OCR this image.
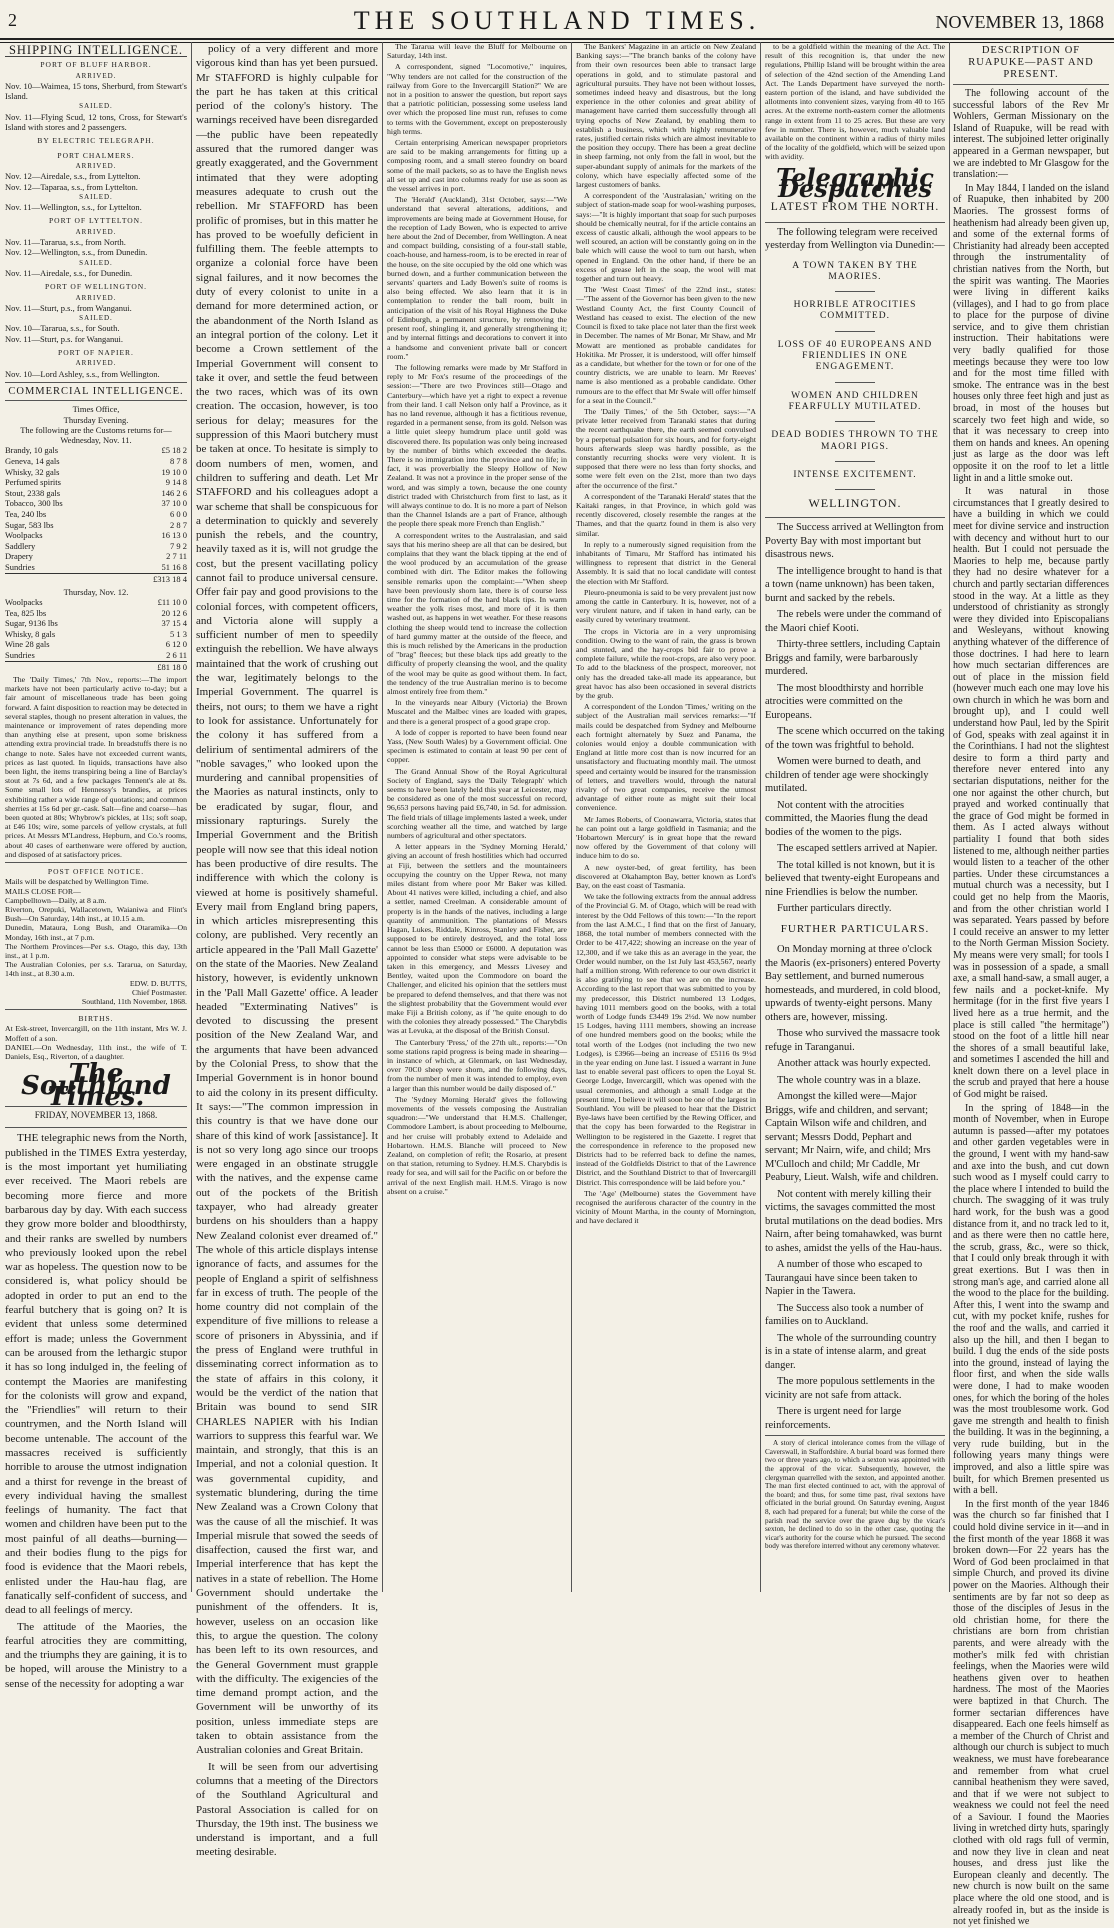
2	THE SOUTHLAND TIMES.	NOVEMBER 13, 1868
SHIPPING INTELLIGENCE.
PORT OF BLUFF HARBOR.
ARRIVED.
Nov. 10—Waimea, 15 tons, Sherburd, from Stewart's Island.
SAILED.
Nov. 11—Flying Scud, 12 tons, Cross, for Stewart's Island with stores and 2 passengers.
BY ELECTRIC TELEGRAPH.
PORT CHALMERS.
ARRIVED.
Nov. 12—Airedale, s.s., from Lyttelton.
Nov. 12—Taparaa, s.s., from Lyttelton.
SAILED.
Nov. 11—Wellington, s.s., for Lyttelton.
PORT OF LYTTELTON.
ARRIVED.
Nov. 11—Tararua, s.s., from North.
Nov. 12—Wellington, s.s., from Dunedin.
SAILED.
Nov. 11—Airedale, s.s., for Dunedin.
PORT OF WELLINGTON.
ARRIVED.
Nov. 11—Sturt, p.s., from Wanganui.
SAILED.
Nov. 10—Tararua, s.s., for South.
Nov. 11—Sturt, p.s. for Wanganui.
PORT OF NAPIER.
ARRIVED.
Nov. 10—Lord Ashley, s.s., from Wellington.
COMMERCIAL INTELLIGENCE.
Times Office,
Thursday Evening.
The following are the Customs returns for—
Wednesday, Nov. 11.
Brandy, 10 gals	£5 18 2
Geneva, 14 gals	8 7 8
Whisky, 32 gals	19 10 0
Perfumed spirits	9 14 8
Stout, 2338 gals	146 2 6
Tobacco, 300 lbs	37 10 0
Tea, 240 lbs	6 0 0
Sugar, 583 lbs	2 8 7
Woolpacks	16 13 0
Saddlery	7 9 2
Drapery	2 7 11
Sundries	51 16 8
£313 18 4
Thursday, Nov. 12.
Woolpacks	£11 10 0
Tea, 825 lbs	20 12 6
Sugar, 9136 lbs	37 15 4
Whisky, 8 gals	5 1 3
Wine 28 gals	6 12 0
Sundries	2 6 11
£81 18 0
The 'Daily Times,' 7th Nov., reports:—The import markets have not been particularly active to-day; but a fair amount of miscellaneous trade has been going forward. A faint disposition to reaction may be detected in several staples, though no present alteration in values, the maintenance or improvement of rates depending more than anything else at present, upon some briskness attending extra provincial trade. In breadstuffs there is no change to note. Sales have not exceeded current wants, prices as last quoted. In liquids, transactions have also been light, the items transpiring being a line of Barclay's stout at 7s 6d, and a few packages Tennent's ale at 8s. Some small lots of Hennessy's brandies, at prices exhibiting rather a wide range of quotations; and common sherries at 15s 6d per gr.-cask. Salt—fine and coarse—has been quoted at 80s; Whybrow's pickles, at 11s; soft soap, at £46 10s; wire, some parcels of yellow crystals, at full prices. At Messrs M'Landress, Hepburn, and Co.'s rooms, about 40 cases of earthenware were offered by auction, and disposed of at satisfactory prices.
POST OFFICE NOTICE.
Mails will be despatched by Wellington Time.
MAILS CLOSE FOR—
Campbelltown—Daily, at 8 a.m.
Riverton, Orepuki, Wallacetown, Waianiwa and Flint's Bush—On Saturday, 14th inst., at 10.15 a.m.
Dunedin, Mataura, Long Bush, and Otaramika—On Monday, 16th inst., at 7 p.m.
The Northern Provinces—Per s.s. Otago, this day, 13th inst., at 1 p.m.
The Australian Colonies, per s.s. Tararua, on Saturday, 14th inst., at 8.30 a.m.
EDW. D. BUTTS,
Chief Postmaster.
Southland, 11th November, 1868.
BIRTHS.
At Esk-street, Invercargill, on the 11th instant, Mrs W. J. Moffett of a son.
DANIEL—On Wednesday, 11th inst., the wife of T. Daniels, Esq., Riverton, of a daughter.
The Southland Times.
FRIDAY, NOVEMBER 13, 1868.

THE telegraphic news from the North, published in the TIMES Extra yesterday, is the most important yet humiliating ever received. The Maori rebels are becoming more fierce and more barbarous day by day. With each success they grow more bolder and bloodthirsty, and their ranks are swelled by numbers who previously looked upon the rebel war as hopeless. The question now to be considered is, what policy should be adopted in order to put an end to the fearful butchery that is going on? It is evident that unless some determined effort is made; unless the Government can be aroused from the lethargic stupor it has so long indulged in, the feeling of contempt the Maories are manifesting for the colonists will grow and expand, the "Friendlies" will return to their countrymen, and the North Island will become untenable. The account of the massacres received is sufficiently horrible to arouse the utmost indignation and a thirst for revenge in the breast of every individual having the smallest feelings of humanity. The fact that women and children have been put to the most painful of all deaths—burning—and their bodies flung to the pigs for food is evidence that the Maori rebels, enlisted under the Hau-hau flag, are fanatically self-confident of success, and dead to all feelings of mercy.

The attitude of the Maories, the fearful atrocities they are committing, and the triumphs they are gaining, it is to be hoped, will arouse the Ministry to a sense of the necessity for adopting a war

policy of a very different and more vigorous kind than has yet been pursued. Mr STAFFORD is highly culpable for the part he has taken at this critical period of the colony's history. The warnings received have been disregarded—the public have been repeatedly assured that the rumored danger was greatly exaggerated, and the Government intimated that they were adopting measures adequate to crush out the rebellion. Mr STAFFORD has been prolific of promises, but in this matter he has proved to be woefully deficient in fulfilling them. The feeble attempts to organize a colonial force have been signal failures, and it now becomes the duty of every colonist to unite in a demand for more determined action, or the abandonment of the North Island as an integral portion of the colony. Let it become a Crown settlement of the Imperial Government will consent to take it over, and settle the feud between the two races, which was of its own creation. The occasion, however, is too serious for delay; measures for the suppression of this Maori butchery must be taken at once. To hesitate is simply to doom numbers of men, women, and children to suffering and death. Let Mr STAFFORD and his colleagues adopt a war scheme that shall be conspicuous for a determination to quickly and severely punish the rebels, and the country, heavily taxed as it is, will not grudge the cost, but the present vacillating policy cannot fail to produce universal censure. Offer fair pay and good provisions to the colonial forces, with competent officers, and Victoria alone will supply a sufficient number of men to speedily extinguish the rebellion. We have always maintained that the work of crushing out the war, legitimately belongs to the Imperial Government. The quarrel is theirs, not ours; to them we have a right to look for assistance. Unfortunately for the colony it has suffered from a delirium of sentimental admirers of the "noble savages," who looked upon the murdering and cannibal propensities of the Maories as natural instincts, only to be eradicated by sugar, flour, and missionary rapturings. Surely the Imperial Government and the British people will now see that this ideal notion has been productive of dire results. The indifference with which the colony is viewed at home is positively shameful. Every mail from England bring papers, in which articles misrepresenting this colony, are published. Very recently an article appeared in the 'Pall Mall Gazette' on the state of the Maories. New Zealand history, however, is evidently unknown in the 'Pall Mall Gazette' office. A leader headed "Exterminating Natives" is devoted to discussing the present position of the New Zealand War, and the arguments that have been advanced by the Colonial Press, to show that the Imperial Government is in honor bound to aid the colony in its present difficulty. It says:—"The common impression in this country is that we have done our share of this kind of work [assistance]. It is not so very long ago since our troops were engaged in an obstinate struggle with the natives, and the expense came out of the pockets of the British taxpayer, who had already greater burdens on his shoulders than a happy New Zealand colonist ever dreamed of." The whole of this article displays intense ignorance of facts, and assumes for the people of England a spirit of selfishness far in excess of truth. The people of the home country did not complain of the expenditure of five millions to release a score of prisoners in Abyssinia, and if the press of England were truthful in disseminating correct information as to the state of affairs in this colony, it would be the verdict of the nation that Britain was bound to send SIR CHARLES NAPIER with his Indian warriors to suppress this fearful war. We maintain, and strongly, that this is an Imperial, and not a colonial question. It was governmental cupidity, and systematic blundering, during the time New Zealand was a Crown Colony that was the cause of all the mischief. It was Imperial misrule that sowed the seeds of disaffection, caused the first war, and Imperial interference that has kept the natives in a state of rebellion. The Home Government should undertake the punishment of the offenders. It is, however, useless on an occasion like this, to argue the question. The colony has been left to its own resources, and the General Government must grapple with the difficulty. The exigencies of the time demand prompt action, and the Government will be unworthy of its position, unless immediate steps are taken to obtain assistance from the Australian colonies and Great Britain.

It will be seen from our advertising columns that a meeting of the Directors of the Southland Agricultural and Pastoral Association is called for on Thursday, the 19th inst. The business we understand is important, and a full meeting desirable.

The Tararua will leave the Bluff for Melbourne on Saturday, 14th inst.

A correspondent, signed "Locomotive," inquires, "Why tenders are not called for the construction of the railway from Gore to the Invercargill Station?" We are not in a position to answer the question, but report says that a patriotic politician, possessing some useless land over which the proposed line must run, refuses to come to terms with the Government, except on preposterously high terms.

Certain enterprising American newspaper proprietors are said to be making arrangements for fitting up a composing room, and a small stereo foundry on board some of the mail packets, so as to have the English news all set up and cast into columns ready for use as soon as the vessel arrives in port.

The 'Herald' (Auckland), 31st October, says:—"We understand that several alterations, additions, and improvements are being made at Government House, for the reception of Lady Bowen, who is expected to arrive here about the 2nd of December, from Wellington. A neat and compact building, consisting of a four-stall stable, coach-house, and harness-room, is to be erected in rear of the house, on the site occupied by the old one which was burned down, and a further communication between the servants' quarters and Lady Bowen's suite of rooms is also being effected. We also learn that it is in contemplation to render the ball room, built in anticipation of the visit of his Royal Highness the Duke of Edinburgh, a permanent structure, by removing the present roof, shingling it, and generally strengthening it; and by internal fittings and decorations to convert it into a handsome and convenient private ball or concert room."

The following remarks were made by Mr Stafford in reply to Mr Fox's resume of the proceedings of the session:—"There are two Provinces still—Otago and Canterbury—which have yet a right to expect a revenue from their land. I call Nelson only half a Province, as it has no land revenue, although it has a fictitious revenue, regarded in a permanent sense, from its gold. Nelson was a little quiet sleepy humdrum place until gold was discovered there. Its population was only being increased by the number of births which exceeded the deaths. There is no immigration into the province and no life; in fact, it was proverbially the Sleepy Hollow of New Zealand. It was not a province in the proper sense of the word, and was simply a town, because the one county district traded with Christchurch from first to last, as it will always continue to do. It is no more a part of Nelson than the Channel Islands are a part of France, although the people there speak more French than English."

A correspondent writes to the Australasian, and said says that his merino sheep are all that can be desired, but complains that they want the black tipping at the end of the wool produced by an accumulation of the grease combined with dirt. The Editor makes the following sensible remarks upon the complaint:—"When sheep have been previously shorn late, there is of course less time for the formation of the hard black tips. In warm weather the yolk rises most, and more of it is then washed out, as happens in wet weather. For these reasons clothing the sheep would tend to increase the collection of hard gummy matter at the outside of the fleece, and this is much relished by the Americans in the production of "brag" fleeces; but these black tips add greatly to the difficulty of properly cleansing the wool, and the quality of the wool may be quite as good without them. In fact, the tendency of the true Australian merino is to become almost entirely free from them."

In the vineyards near Albury (Victoria) the Brown Muscatel and the Malbec vines are loaded with grapes, and there is a general prospect of a good grape crop.

A lode of copper is reported to have been found near Yass, (New South Wales) by a Government official. One specimen is estimated to contain at least 90 per cent of copper.

The Grand Annual Show of the Royal Agricultural Society of England, says the 'Daily Telegraph' which seems to have been lately held this year at Leicester, may be considered as one of the most successful on record, 96,653 persons having paid £6,740, in 5d. for admission. The field trials of tillage implements lasted a week, under scorching weather all the time, and watched by large numbers of agricultural and other spectators.

A letter appears in the 'Sydney Morning Herald,' giving an account of fresh hostilities which had occurred at Fiji, between the settlers and the mountaineers occupying the country on the Upper Rewa, not many miles distant from where poor Mr Baker was killed. About 41 natives were killed, including a chief, and also a settler, named Creelman. A considerable amount of property is in the hands of the natives, including a large quantity of ammunition. The plantations of Messrs Hagan, Lukes, Riddale, Kinross, Stanley and Fisher, are supposed to be entirely destroyed, and the total loss cannot be less than £5000 or £6000. A deputation was appointed to consider what steps were advisable to be taken in this emergency, and Messrs Livesey and Bentley, waited upon the Commodore on board the Challenger, and elicited his opinion that the settlers must be prepared to defend themselves, and that there was not the slightest probability that the Government would ever make Fiji a British colony, as if "he quite enough to do with the colonies they already possessed." The Charybdis was at Levuka, at the disposal of the British Consul.

The Canterbury 'Press,' of the 27th ult., reports:—"On some stations rapid progress is being made in shearing—in instance of which, at Glenmark, on last Wednesday, over 70C0 sheep were shorn, and the following days, from the number of men it was intended to employ, even a larger than this number would be daily disposed of."

The 'Sydney Morning Herald' gives the following movements of the vessels composing the Australian squadron:—"We understand that H.M.S. Challenger, Commodore Lambert, is about proceeding to Melbourne, and her cruise will probably extend to Adelaide and Hobartown. H.M.S. Blanche will proceed to New Zealand, on completion of refit; the Rosario, at present on that station, returning to Sydney. H.M.S. Charybdis is ready for sea, and will sail for the Pacific on or before the arrival of the next English mail. H.M.S. Virago is now absent on a cruise."

The Bankers' Magazine in an article on New Zealand Banking says:—"The branch banks of the colony have from their own resources been able to transact large operations in gold, and to stimulate pastoral and agricultural pursuits. They have not been without losses, sometimes indeed heavy and disastrous, but the long experience in the other colonies and great ability of management have carried them successfully through all trying epochs of New Zealand, by enabling them to establish a business, which with highly remunerative rates, justified certain risks which are almost inevitable to the position they occupy. There has been a great decline in sheep farming, not only from the fall in wool, but the super-abundant supply of animals for the markets of the colony, which have especially affected some of the largest customers of banks.

A correspondent of the 'Australasian,' writing on the subject of station-made soap for wool-washing purposes, says:—"It is highly important that soap for such purposes should be chemically neutral, for if the article contains an excess of caustic alkali, although the wool appears to be well scoured, an action will be constantly going on in the bale which will cause the wool to turn out harsh, when opened in England. On the other hand, if there be an excess of grease left in the soap, the wool will mat together and turn out heavy.

The 'West Coast Times' of the 22nd inst., states:—"The assent of the Governor has been given to the new Westland County Act, the first County Council of Westland has ceased to exist. The election of the new Council is fixed to take place not later than the first week in December. The names of Mr Bonar, Mr Shaw, and Mr Mowatt are mentioned as probable candidates for Hokitika. Mr Prosser, it is understood, will offer himself as a candidate, but whether for the town or for one of the country districts, we are unable to learn. Mr Reeves' name is also mentioned as a probable candidate. Other rumours are to the effect that Mr Swale will offer himself for a seat in the Council."

The 'Daily Times,' of the 5th October, says:—"A private letter received from Taranaki states that during the recent earthquake there, the earth seemed convulsed by a perpetual pulsation for six hours, and for forty-eight hours afterwards sleep was hardly possible, as the constantly recurring shocks were very violent. It is supposed that there were no less than forty shocks, and some were felt even on the 21st, more than two days after the occurrence of the first."

A correspondent of the 'Taranaki Herald' states that the Kaitaki ranges, in that Province, in which gold was recently discovered, closely resemble the ranges at the Thames, and that the quartz found in them is also very similar.

In reply to a numerously signed requisition from the inhabitants of Timaru, Mr Stafford has intimated his willingness to represent that district in the General Assembly. It is said that no local candidate will contest the election with Mr Stafford.

Pleuro-pneumonia is said to be very prevalent just now among the cattle in Canterbury. It is, however, not of a very virulent nature, and if taken in hand early, can be easily cured by veterinary treatment.

The crops in Victoria are in a very unpromising condition. Owing to the want of rain, the grass is brown and stunted, and the hay-crops bid fair to prove a complete failure, while the root-crops, are also very poor. To add to the blackness of the prospect, moreover, not only has the dreaded take-all made its appearance, but great havoc has also been occasioned in several districts by the grub.

A correspondent of the London 'Times,' writing on the subject of the Australian mail services remarks:—"If mails could be despatched from Sydney and Melbourne each fortnight alternately by Suez and Panama, the colonies would enjoy a double communication with England at little more cost than is now incurred for an unsatisfactory and fluctuating monthly mail. The utmost speed and certainty would be insured for the transmission of letters, and travellers would, through the natural rivalry of two great companies, receive the utmost advantage of either route as might suit their local convenience.

Mr James Roberts, of Coonawarra, Victoria, states that he can point out a large goldfield in Tasmania; and the 'Hobartown Mercury' is in great hope that the reward now offered by the Government of that colony will induce him to do so.

A new oyster-bed, of great fertility, has been discovered at Okahampton Bay, better known as Lord's Bay, on the east coast of Tasmania.

We take the following extracts from the annual address of the Provincial G. M. of Otago, which will be read with interest by the Odd Fellows of this town:—"In the report from the last A.M.C., I find that on the first of January, 1868, the total number of members connected with the Order to be 417,422; showing an increase on the year of 12,300, and if we take this as an average in the year, the Order would number, on the 1st July last 453,567, nearly half a million strong. With reference to our own district it is also gratifying to see that we are on the increase. According to the last report that was submitted to you by my predecessor, this District numbered 13 Lodges, having 1011 members good on the books, with a total worth of Lodge funds £3449 19s 2½d. We now number 15 Lodges, having 1111 members, showing an increase of one hundred members good on the books; while the total worth of the Lodges (not including the two new Lodges), is £3966—being an increase of £5116 0s 9½d in the year ending on June last. I issued a warrant in June last to enable several past officers to open the Loyal St. George Lodge, Invercargill, which was opened with the usual ceremonies, and although a small Lodge at the present time, I believe it will soon be one of the largest in Southland. You will be pleased to hear that the District Bye-laws have been certified by the Rewing Officer, and that the copy has been forwarded to the Registrar in Wellington to be registered in the Gazette. I regret that the correspondence in reference to the proposed new Districts had to be referred back to define the names, instead of the Goldfields District to that of the Lawrence District, and the Southland District to that of Invercargill District. This correspondence will be laid before you."

The 'Age' (Melbourne) states the Government have recognised the auriferous character of the country in the vicinity of Mount Martha, in the county of Mornington, and have declared it

to be a goldfield within the meaning of the Act. The result of this recognition is, that under the new regulations, Phillip Island will be brought within the area of selection of the 42nd section of the Amending Land Act. The Lands Department have surveyed the north-eastern portion of the island, and have subdivided the allotments into convenient sizes, varying from 40 to 165 acres. At the extreme north-eastern corner the allotments range in extent from 11 to 25 acres. But these are very few in number. There is, however, much valuable land available on the continent within a radius of thirty miles of the locality of the goldfield, which will be seized upon with avidity.
Telegraphic Despatches
LATEST FROM THE NORTH.

The following telegram were received yesterday from Wellington via Dunedin:—

A TOWN TAKEN BY THE MAORIES.
HORRIBLE ATROCITIES COMMITTED.
LOSS OF 40 EUROPEANS AND FRIENDLIES IN ONE ENGAGEMENT.
WOMEN AND CHILDREN FEARFULLY MUTILATED.
DEAD BODIES THROWN TO THE MAORI PIGS.
INTENSE EXCITEMENT.
WELLINGTON.

The Success arrived at Wellington from Poverty Bay with most important but disastrous news.

The intelligence brought to hand is that a town (name unknown) has been taken, burnt and sacked by the rebels.

The rebels were under the command of the Maori chief Kooti.

Thirty-three settlers, including Captain Briggs and family, were barbarously murdered.

The most bloodthirsty and horrible atrocities were committed on the Europeans.

The scene which occurred on the taking of the town was frightful to behold.

Women were burned to death, and children of tender age were shockingly mutilated.

Not content with the atrocities committed, the Maories flung the dead bodies of the women to the pigs.

The escaped settlers arrived at Napier.

The total killed is not known, but it is believed that twenty-eight Europeans and nine Friendlies is below the number.

Further particulars directly.

FURTHER PARTICULARS.

On Monday morning at three o'clock the Maoris (ex-prisoners) entered Poverty Bay settlement, and burned numerous homesteads, and murdered, in cold blood, upwards of twenty-eight persons. Many others are, however, missing.

Those who survived the massacre took refuge in Taranganui.

Another attack was hourly expected.

The whole country was in a blaze.

Amongst the killed were—Major Briggs, wife and children, and servant; Captain Wilson wife and children, and servant; Messrs Dodd, Pephart and servant; Mr Nairn, wife, and child; Mrs M'Culloch and child; Mr Caddle, Mr Peabury, Lieut. Walsh, wife and children.

Not content with merely killing their victims, the savages committed the most brutal mutilations on the dead bodies. Mrs Nairn, after being tomahawked, was burnt to ashes, amidst the yells of the Hau-haus.

A number of those who escaped to Taurangaui have since been taken to Napier in the Tawera.

The Success also took a number of families on to Auckland.

The whole of the surrounding country is in a state of intense alarm, and great danger.

The more populous settlements in the vicinity are not safe from attack.

There is urgent need for large reinforcements.

A story of clerical intolerance comes from the village of Caverswall, in Staffordshire. A burial board was formed there two or three years ago, to which a sexton was appointed with the approval of the vicar. Subsequently, however, the clergyman quarrelled with the sexton, and appointed another. The man first elected continued to act, with the approval of the board; and thus, for some time past, rival sextons have officiated in the burial ground. On Saturday evening, August 8, each had prepared for a funeral; but while the corse of the parish read the service over the grave dug by the vicar's sexton, he declined to do so in the other case, quoting the vicar's authority for the course which he pursued. The second body was therefore interred without any ceremony whatever.
DESCRIPTION OF RUAPUKE—PAST AND PRESENT.

The following account of the successful labors of the Rev Mr Wohlers, German Missionary on the Island of Ruapuke, will be read with interest. The subjoined letter originally appeared in a German newspaper, but we are indebted to Mr Glasgow for the translation:—

In May 1844, I landed on the island of Ruapuke, then inhabited by 200 Maories. The grossest forms of heathenism had already been given up, and some of the external forms of Christianity had already been accepted through the instrumentality of christian natives from the North, but the spirit was wanting. The Maories were living in different kaiks (villages), and I had to go from place to place for the purpose of divine service, and to give them christian instruction. Their habitations were very badly qualified for those meetings because they were too low and for the most time filled with smoke. The entrance was in the best houses only three feet high and just as broad, in most of the houses but scarcely two feet high and wide, so that it was necessary to creep into them on hands and knees. An opening just as large as the door was left opposite it on the roof to let a little light in and a little smoke out.

It was natural in those circumstances that I greatly desired to have a building in which we could meet for divine service and instruction with decency and without hurt to our health. But I could not persuade the Maories to help me, because partly they had no desire whatever for a church and partly sectarian differences stood in the way. At a little as they understood of christianity as strongly were they divided into Episcopalians and Wesleyans, without knowing anything whatever of the difference of those doctrines. I had here to learn how much sectarian differences are out of place in the mission field (however much each one may love his own church in which he was born and brought up), and I could well understand how Paul, led by the Spirit of God, speaks with zeal against it in the Corinthians. I had not the slightest desire to form a third party and therefore never entered into any sectarian disputations, neither for the one nor against the other church, but prayed and worked continually that the grace of God might be formed in them. As I acted always without partiality I found that both sides listened to me, although neither parties would listen to a teacher of the other parties. Under these circumstances a mutual church was a necessity, but I could get no help from the Maoris, and from the other christian world I was separated. Years passed by before I could receive an answer to my letter to the North German Mission Society. My means were very small; for tools I was in possession of a spade, a small axe, a small hand-saw, a small auger, a few nails and a pocket-knife. My hermitage (for in the first five years I lived here as a true hermit, and the place is still called "the hermitage") stood on the foot of a little hill near the shores of a small beautiful lake, and sometimes I ascended the hill and knelt down there on a level place in the scrub and prayed that here a house of God might be raised.

In the spring of 1848—in the month of November, when in Europe autumn is passed—after my potatoes and other garden vegetables were in the ground, I went with my hand-saw and axe into the bush, and cut down such wood as I myself could carry to the place where I intended to build the church. The swagging of it was truly hard work, for the bush was a good distance from it, and no track led to it, and as there were then no cattle here, the scrub, grass, &c., were so thick, that I could only break through it with great exertions. But I was then in strong man's age, and carried alone all the wood to the place for the building. After this, I went into the swamp and cut, with my pocket knife, rushes for the roof and the walls, and carried it also up the hill, and then I began to build. I dug the ends of the side posts into the ground, instead of laying the floor first, and when the side walls were done, I had to make wooden ones, for which the boring of the holes was the most troublesome work. God gave me strength and health to finish the building. It was in the beginning, a very rude building, but in the following years many things were improved, and also a little spire was built, for which Bremen presented us with a bell.

In the first month of the year 1846 was the church so far finished that I could hold divine service in it—and in the first month of the year 1868 it was broken down—For 22 years has the Word of God been proclaimed in that simple Church, and proved its divine power on the Maories. Although their sentiments are by far not so deep as those of the disciples of Jesus in the old christian home, for there the christians are born from christian parents, and were already with the mother's milk fed with christian feelings, when the Maories were wild heathens given over to heathen hardness. The most of the Maories were baptized in that Church. The former sectarian differences have disappeared. Each one feels himself as a member of the Church of Christ and although our church is subject to much weakness, we must have forebearance and remember from what cruel cannibal heathenism they were saved, and that if we were not subject to weakness we could not feel the need of a Saviour. I found the Maories living in wretched dirty huts, sparingly clothed with old rags full of vermin, and now they live in clean and neat houses, and dress just like the European cleanly and decently. The new church is now built on the same place where the old one stood, and is already roofed in, but as the inside is not yet finished we
